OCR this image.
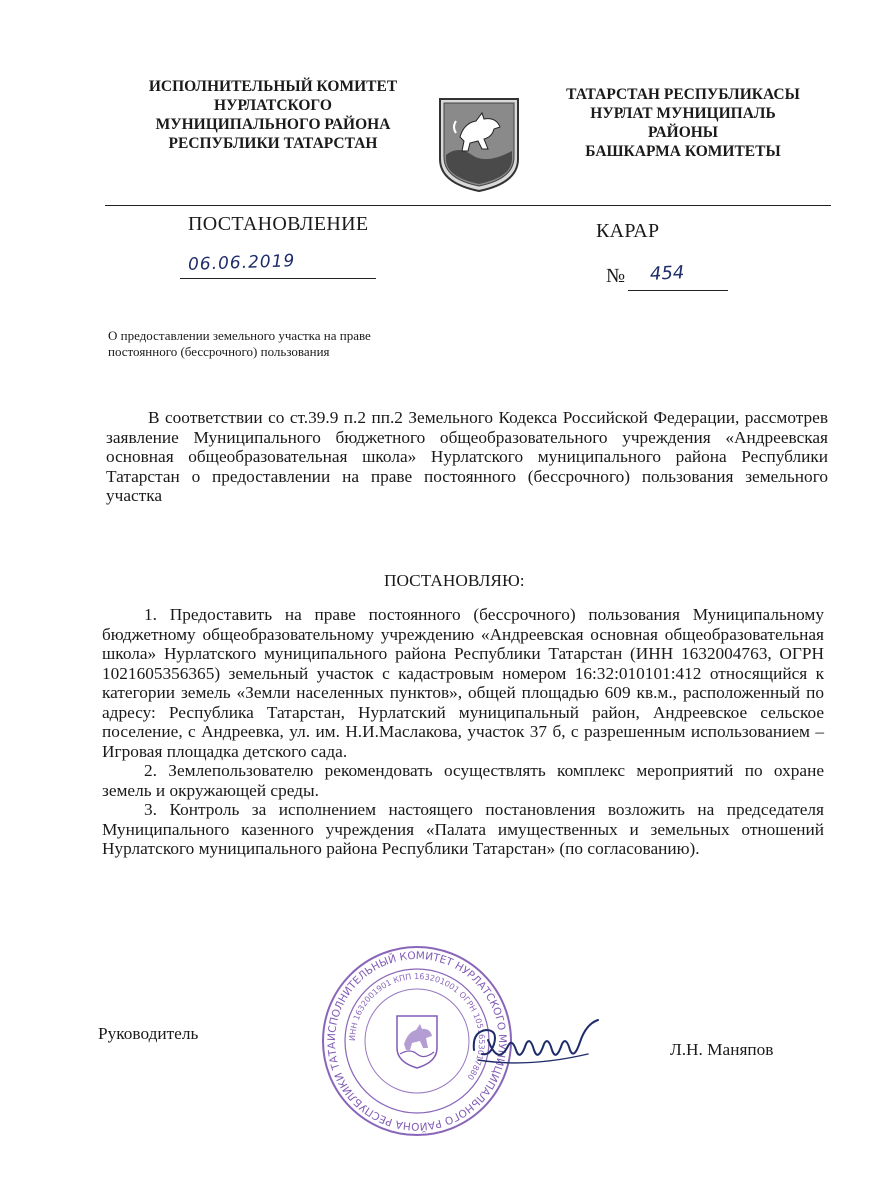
ИСПОЛНИТЕЛЬНЫЙ КОМИТЕТ
НУРЛАТСКОГО
МУНИЦИПАЛЬНОГО РАЙОНА
РЕСПУБЛИКИ ТАТАРСТАН
ТАТАРСТАН РЕСПУБЛИКАСЫ
НУРЛАТ МУНИЦИПАЛЬ
РАЙОНЫ
БАШКАРМА КОМИТЕТЫ
ПОСТАНОВЛЕНИЕ	КАРАР
06.06.2019
№ 454
О предоставлении земельного участка на праве постоянного (бессрочного) пользования
В соответствии со ст.39.9 п.2 пп.2 Земельного Кодекса Российской Федерации, рассмотрев заявление Муниципального бюджетного общеобразовательного учреждения «Андреевская основная общеобразовательная школа» Нурлатского муниципального района Республики Татарстан о предоставлении на праве постоянного (бессрочного) пользования земельного участка
ПОСТАНОВЛЯЮ:

1. Предоставить на праве постоянного (бессрочного) пользования Муниципальному бюджетному общеобразовательному учреждению «Андреевская основная общеобразовательная школа» Нурлатского муниципального района Республики Татарстан (ИНН 1632004763, ОГРН 1021605356365) земельный участок с кадастровым номером 16:32:010101:412 относящийся к категории земель «Земли населенных пунктов», общей площадью 609 кв.м., расположенный по адресу: Республика Татарстан, Нурлатский муниципальный район, Андреевское сельское поселение, с Андреевка, ул. им. Н.И.Маслакова, участок 37 б, с разрешенным использованием – Игровая площадка детского сада.

2. Землепользователю рекомендовать осуществлять комплекс мероприятий по охране земель и окружающей среды.

3. Контроль за исполнением настоящего постановления возложить на председателя Муниципального казенного учреждения «Палата имущественных и земельных отношений Нурлатского муниципального района Республики Татарстан» (по согласованию).

Руководитель	ИСПОЛНИТЕЛЬНЫЙ КОМИТЕТ НУРЛАТСКОГО МУНИЦИПАЛЬНОГО РАЙОНА РЕСПУБЛИКИ ТАТА
ИНН 1632001901 КПП 163201001 ОГРН 1051653017880
Л.Н. Маняпов
